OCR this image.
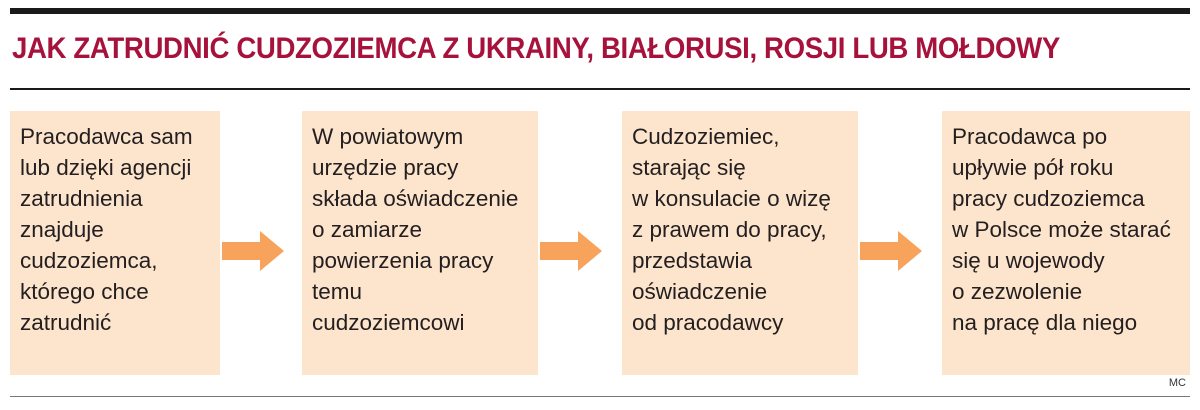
JAK ZATRUDNIĆ CUDZOZIEMCA Z UKRAINY, BIAŁORUSI, ROSJI LUB MOŁDOWY
Pracodawca sam
lub dzięki agencji
zatrudnienia
znajduje
cudzoziemca,
którego chce
zatrudnić
W powiatowym
urzędzie pracy
składa oświadczenie
o zamiarze
powierzenia pracy
temu
cudzoziemcowi
Cudzoziemiec,
starając się
w konsulacie o wizę
z prawem do pracy,
przedstawia
oświadczenie
od pracodawcy
Pracodawca po
upływie pół roku
pracy cudzoziemca
w Polsce może starać
się u wojewody
o zezwolenie
na pracę dla niego
MC
